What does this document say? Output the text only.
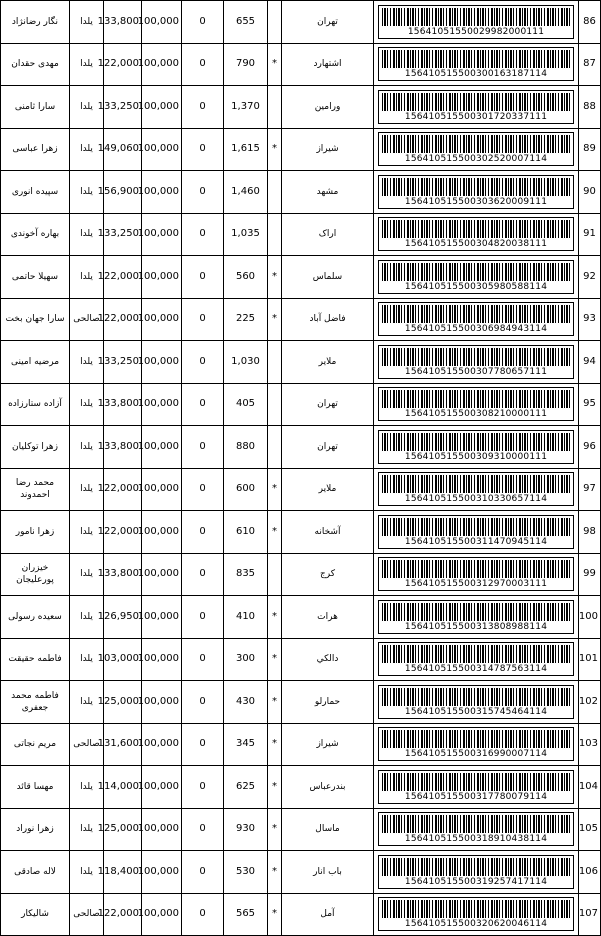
86	15641051550029982000111	تهران		655	0	100,000	133,800	یلدا	نگار رضانژاد
87	156410515500300163187114	اشتهارد	*	790	0	100,000	122,000	یلدا	مهدی حقدان
88	156410515500301720337111	ورامین		1,370	0	100,000	133,250	یلدا	سارا ثامنی
89	156410515500302520007114	شیراز	*	1,615	0	100,000	149,060	یلدا	زهرا عباسی
90	156410515500303620009111	مشهد		1,460	0	100,000	156,900	یلدا	سپیده انوری
91	156410515500304820038111	اراک		1,035	0	100,000	133,250	یلدا	بهاره آخوندی
92	156410515500305980588114	سلماس	*	560	0	100,000	122,000	یلدا	سهیلا حاتمی
93	156410515500306984943114	فاضل آباد	*	225	0	100,000	122,000	صالحی	سارا جهان بخت
94	156410515500307780657111	ملایر		1,030	0	100,000	133,250	یلدا	مرضیه امینی
95	156410515500308210000111	تهران		405	0	100,000	133,800	یلدا	آزاده ستارزاده
96	156410515500309310000111	تهران		880	0	100,000	133,800	یلدا	زهرا توکلیان
97	156410515500310330657114	ملایر	*	600	0	100,000	122,000	یلدا	محمد رضا احمدوند
98	156410515500311470945114	آشخانه	*	610	0	100,000	122,000	یلدا	زهرا نامور
99	156410515500312970003111	کرج		835	0	100,000	133,800	یلدا	خیزران پورعلیجان
100	156410515500313808988114	هرات	*	410	0	100,000	126,950	یلدا	سعیده رسولی
101	156410515500314787563114	دالکي	*	300	0	100,000	103,000	یلدا	فاطمه حقیقت
102	156410515500315745464114	حمارلو	*	430	0	100,000	125,000	یلدا	فاطمه محمد جعفری
103	156410515500316990007114	شیراز	*	345	0	100,000	131,600	صالحی	مریم نجاتی
104	156410515500317780079114	بندرعباس	*	625	0	100,000	114,000	یلدا	مهسا قائد
105	156410515500318910438114	ماسال	*	930	0	100,000	125,000	یلدا	زهرا نوراد
106	156410515500319257417114	باب انار	*	530	0	100,000	118,400	یلدا	لاله صادقی
107	156410515500320620046114	آمل	*	565	0	100,000	122,000	صالحی	شالیکار
